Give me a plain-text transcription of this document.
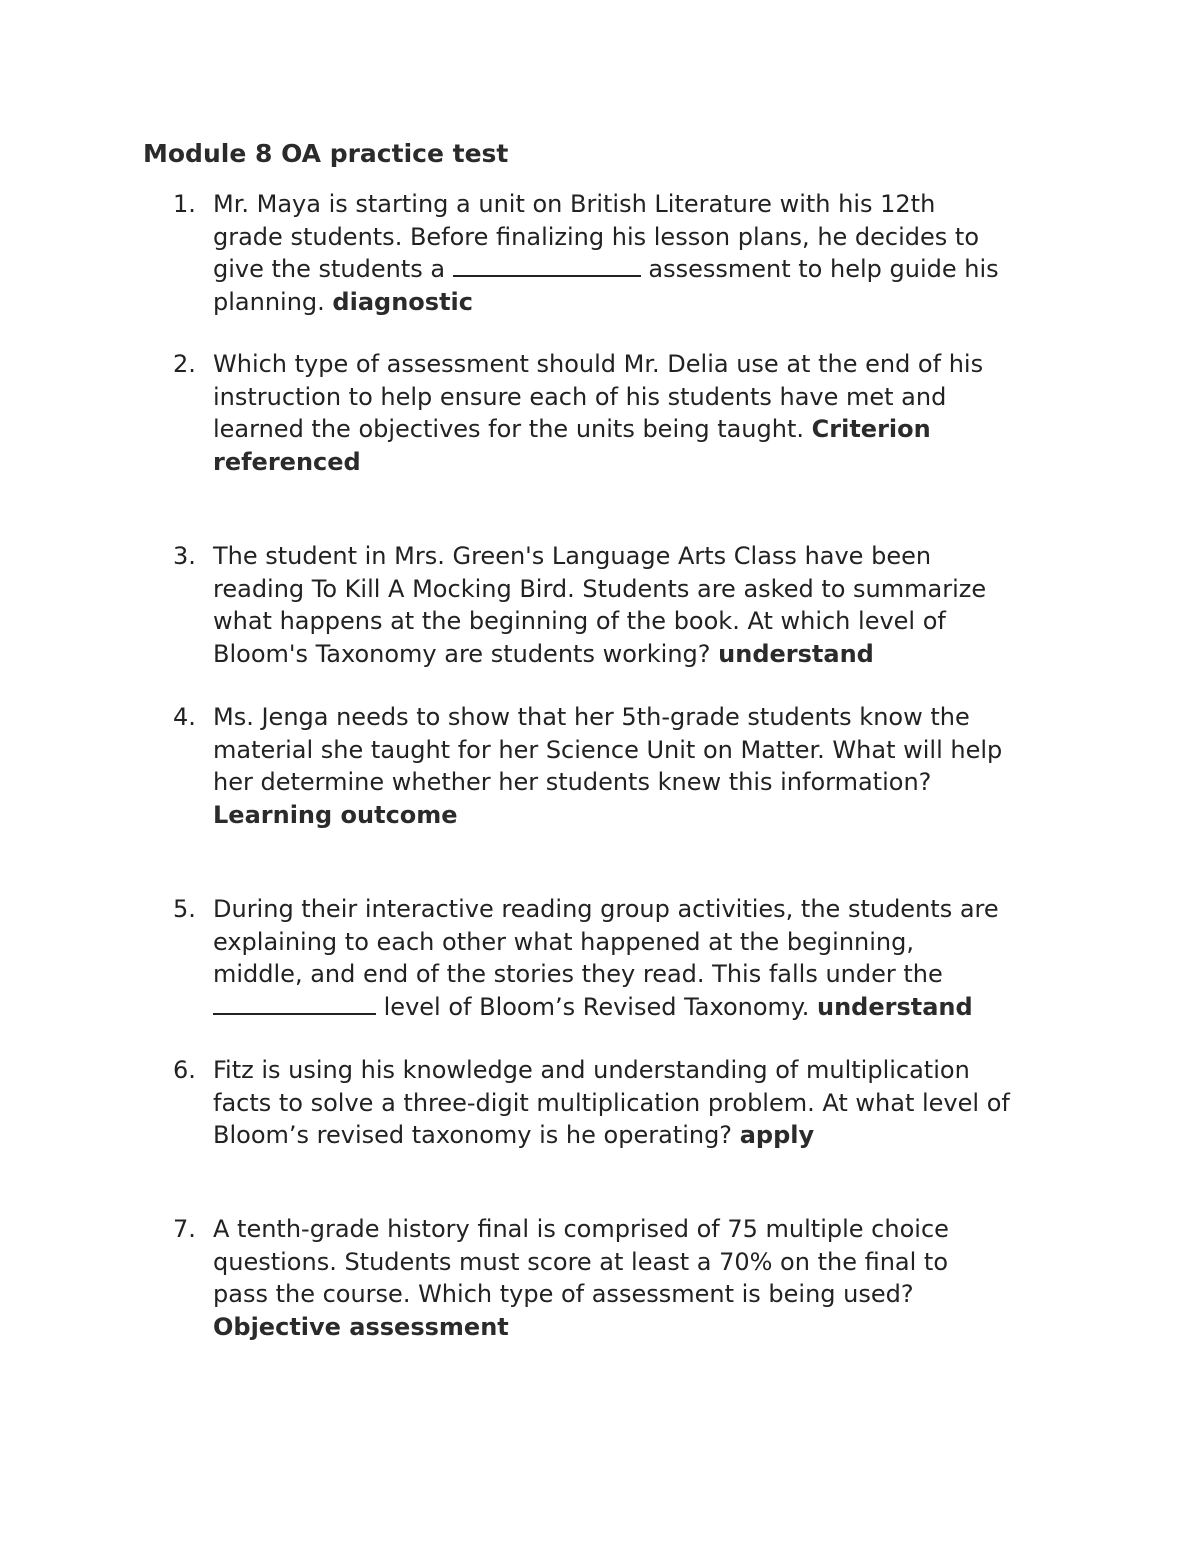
Module 8 OA practice test
1. Mr. Maya is starting a unit on British Literature with his 12th
grade students. Before finalizing his lesson plans, he decides to
give the students a	assessment to help guide his
planning. diagnostic
2. Which type of assessment should Mr. Delia use at the end of his
instruction to help ensure each of his students have met and
learned the objectives for the units being taught. Criterion
referenced
3. The student in Mrs. Green's Language Arts Class have been
reading To Kill A Mocking Bird. Students are asked to summarize
what happens at the beginning of the book. At which level of
Bloom's Taxonomy are students working? understand
4. Ms. Jenga needs to show that her 5th-grade students know the
material she taught for her Science Unit on Matter. What will help
her determine whether her students knew this information?
Learning outcome
5. During their interactive reading group activities, the students are
explaining to each other what happened at the beginning,
middle, and end of the stories they read. This falls under the
level of Bloom’s Revised Taxonomy. understand
6. Fitz is using his knowledge and understanding of multiplication
facts to solve a three-digit multiplication problem. At what level of
Bloom’s revised taxonomy is he operating? apply
7. A tenth-grade history final is comprised of 75 multiple choice
questions. Students must score at least a 70% on the final to
pass the course. Which type of assessment is being used?
Objective assessment
